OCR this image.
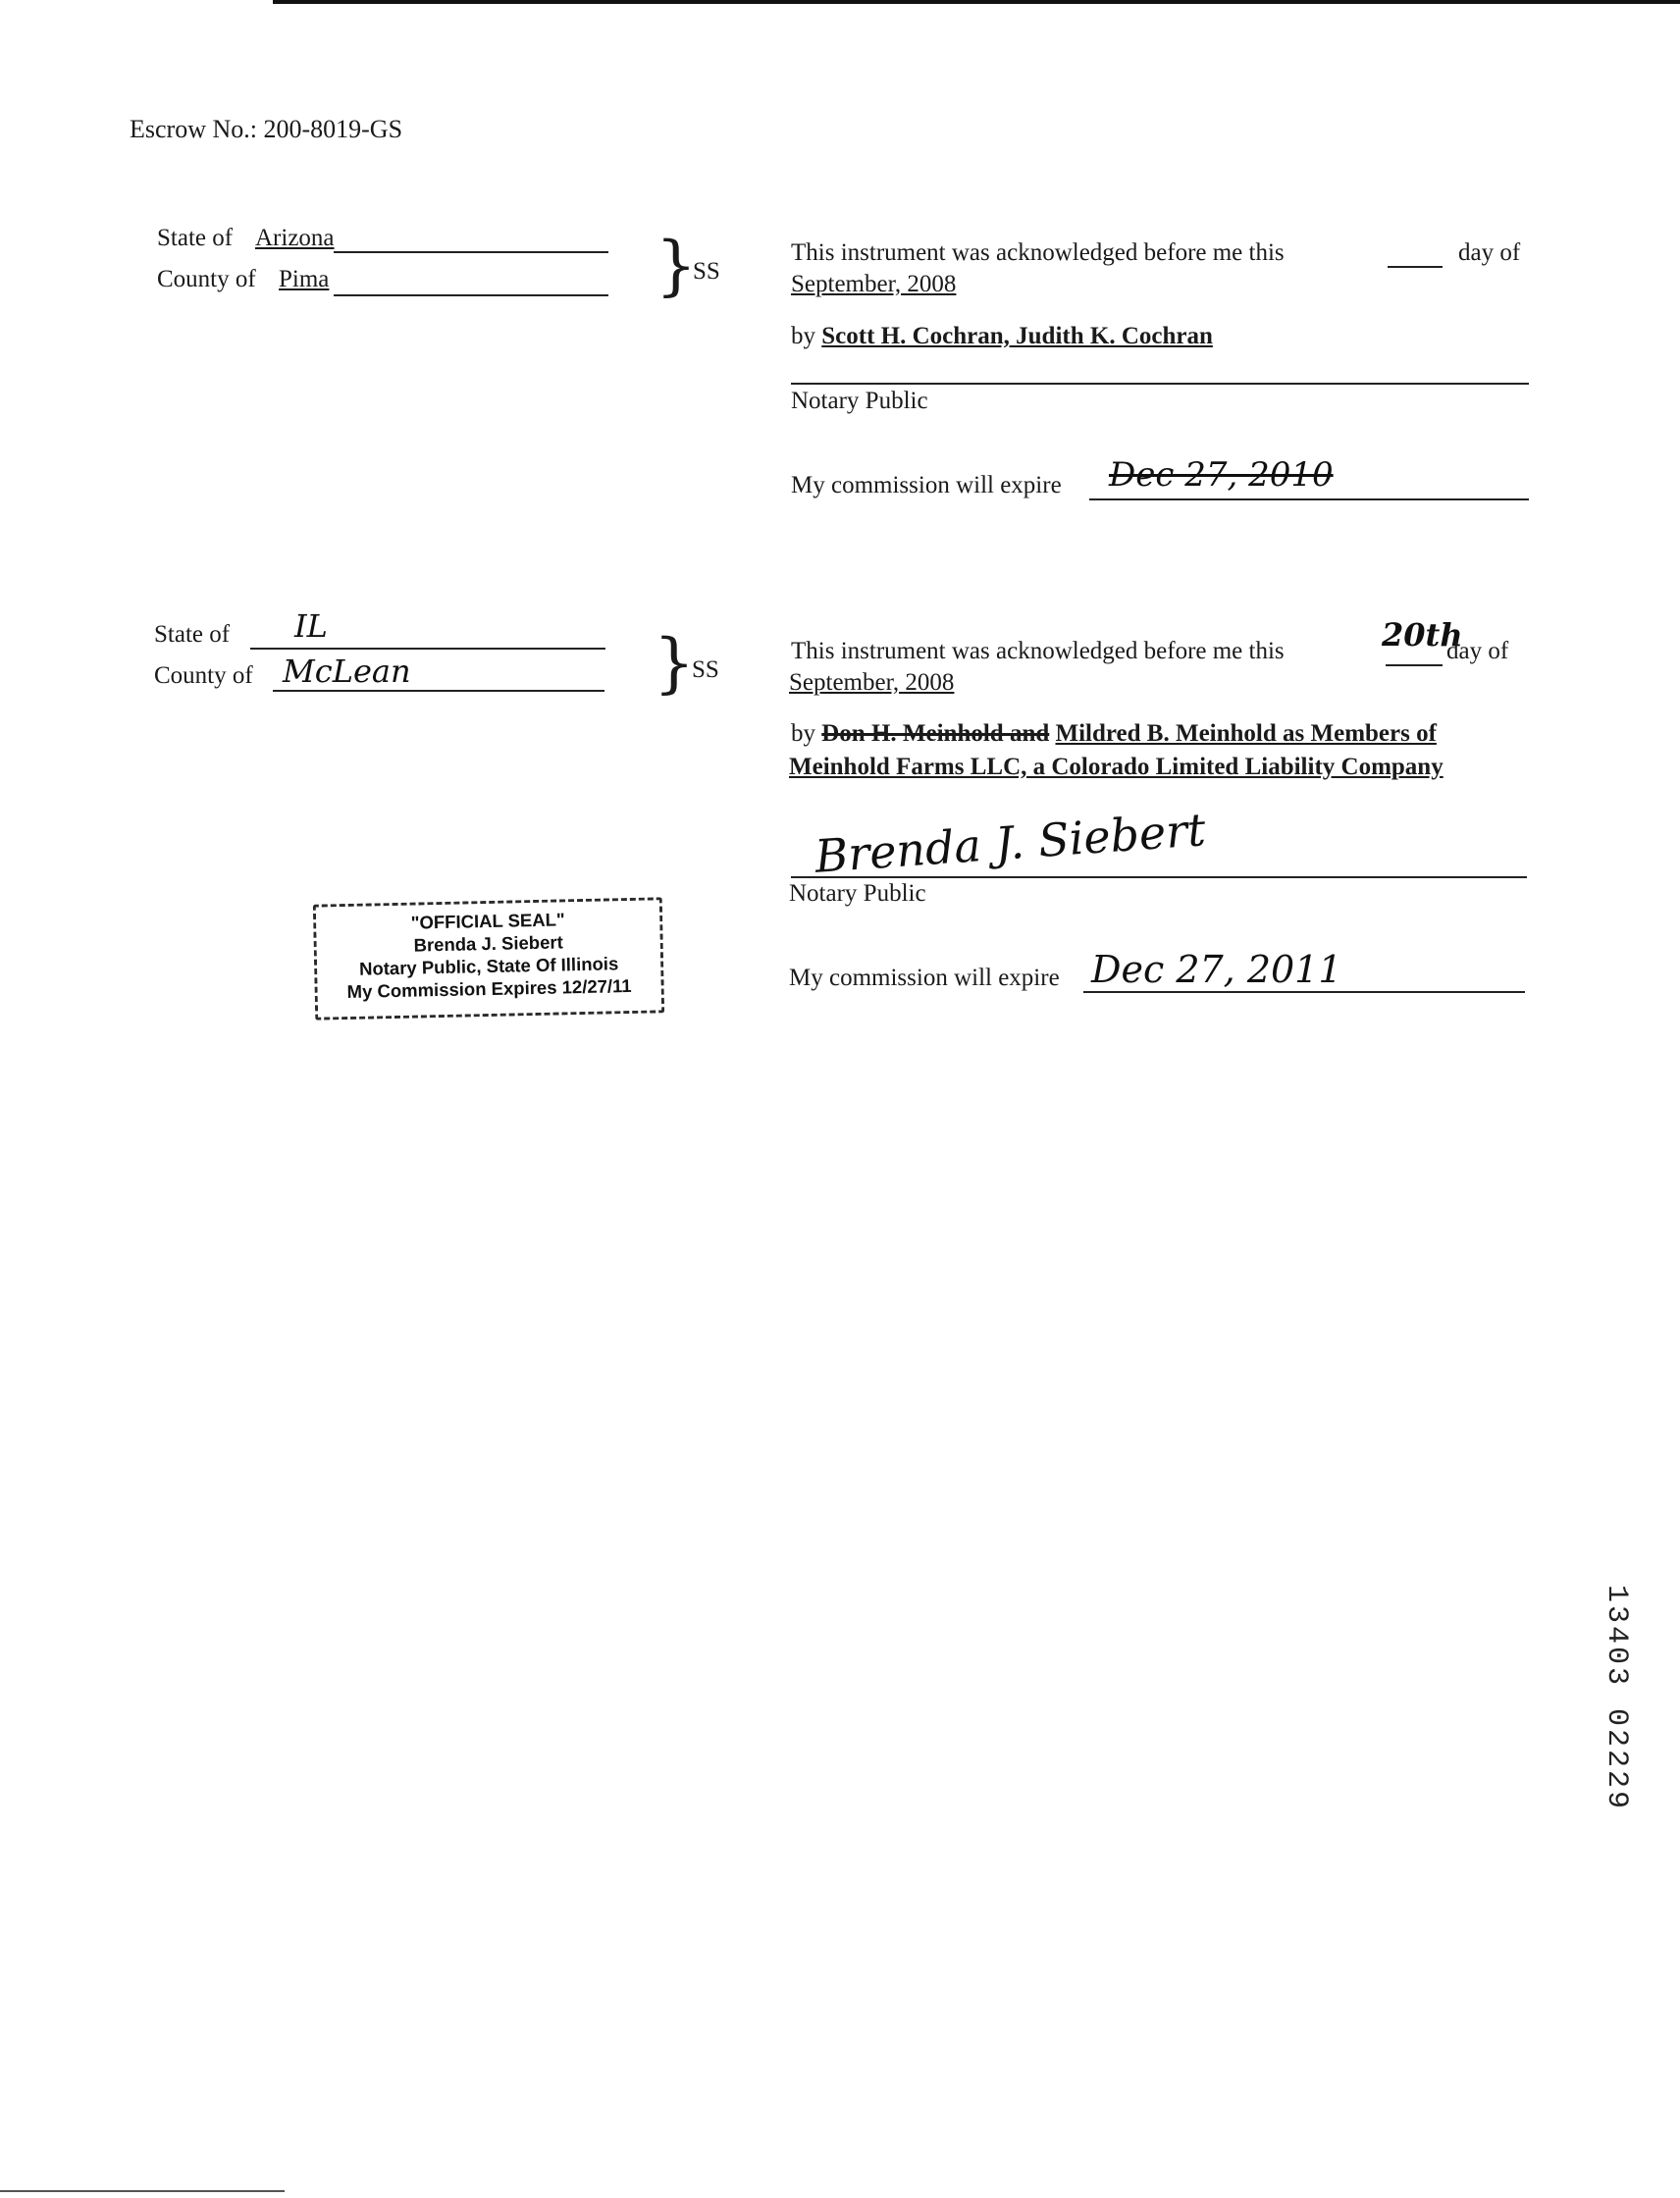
Escrow No.: 200-8019-GS
State of Arizona
County of Pima	}
SS
This instrument was acknowledged before me this	day of
September, 2008
by Scott H. Cochran, Judith K. Cochran
Notary Public
My commission will expire Dec 27, 2010
State of IL
County of McLean	}
SS
This instrument was acknowledged before me this	20th
day of
September, 2008
by Don H. Meinhold and Mildred B. Meinhold as Members of
Meinhold Farms LLC, a Colorado Limited Liability Company
Brenda J. Siebert
Notary Public
My commission will expire Dec 27, 2011
"OFFICIAL SEAL"
Brenda J. Siebert
Notary Public, State Of Illinois
My Commission Expires 12/27/11
13403 02229
